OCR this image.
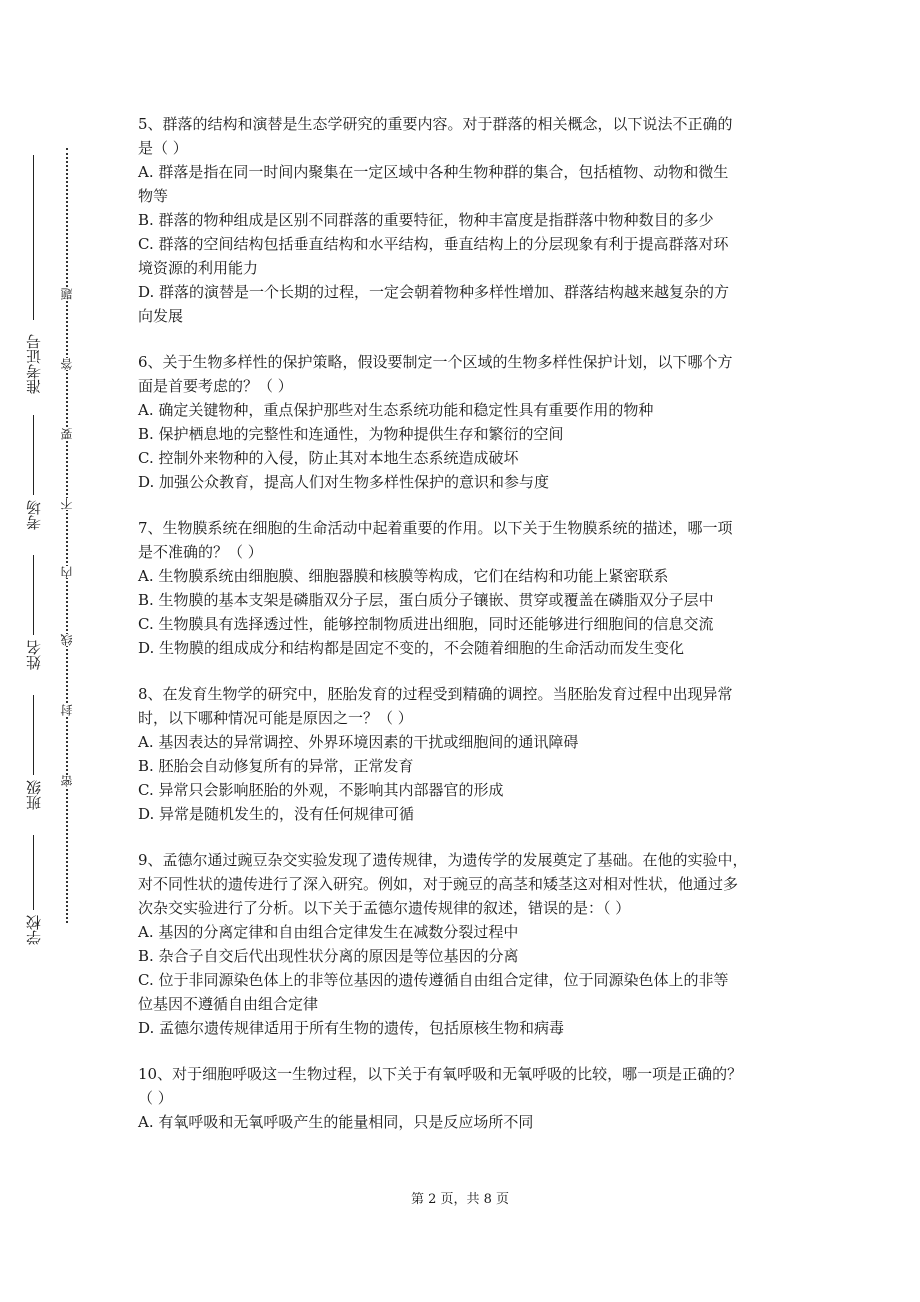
学校
班级
姓名
考场
准考证号
密
封
线
内
不
要
答
题

5、群落的结构和演替是生态学研究的重要内容。对于群落的相关概念，以下说法不正确的

是（ ）

A. 群落是指在同一时间内聚集在一定区域中各种生物种群的集合，包括植物、动物和微生

物等

B. 群落的物种组成是区别不同群落的重要特征，物种丰富度是指群落中物种数目的多少

C. 群落的空间结构包括垂直结构和水平结构，垂直结构上的分层现象有利于提高群落对环

境资源的利用能力

D. 群落的演替是一个长期的过程，一定会朝着物种多样性增加、群落结构越来越复杂的方

向发展

6、关于生物多样性的保护策略，假设要制定一个区域的生物多样性保护计划，以下哪个方

面是首要考虑的？（ ）

A. 确定关键物种，重点保护那些对生态系统功能和稳定性具有重要作用的物种

B. 保护栖息地的完整性和连通性，为物种提供生存和繁衍的空间

C. 控制外来物种的入侵，防止其对本地生态系统造成破坏

D. 加强公众教育，提高人们对生物多样性保护的意识和参与度

7、生物膜系统在细胞的生命活动中起着重要的作用。以下关于生物膜系统的描述，哪一项

是不准确的？（ ）

A. 生物膜系统由细胞膜、细胞器膜和核膜等构成，它们在结构和功能上紧密联系

B. 生物膜的基本支架是磷脂双分子层，蛋白质分子镶嵌、贯穿或覆盖在磷脂双分子层中

C. 生物膜具有选择透过性，能够控制物质进出细胞，同时还能够进行细胞间的信息交流

D. 生物膜的组成成分和结构都是固定不变的，不会随着细胞的生命活动而发生变化

8、在发育生物学的研究中，胚胎发育的过程受到精确的调控。当胚胎发育过程中出现异常

时，以下哪种情况可能是原因之一？（ ）

A. 基因表达的异常调控、外界环境因素的干扰或细胞间的通讯障碍

B. 胚胎会自动修复所有的异常，正常发育

C. 异常只会影响胚胎的外观，不影响其内部器官的形成

D. 异常是随机发生的，没有任何规律可循

9、孟德尔通过豌豆杂交实验发现了遗传规律，为遗传学的发展奠定了基础。在他的实验中，

对不同性状的遗传进行了深入研究。例如，对于豌豆的高茎和矮茎这对相对性状，他通过多

次杂交实验进行了分析。以下关于孟德尔遗传规律的叙述，错误的是：（ ）

A. 基因的分离定律和自由组合定律发生在减数分裂过程中

B. 杂合子自交后代出现性状分离的原因是等位基因的分离

C. 位于非同源染色体上的非等位基因的遗传遵循自由组合定律，位于同源染色体上的非等

位基因不遵循自由组合定律

D. 孟德尔遗传规律适用于所有生物的遗传，包括原核生物和病毒

10、对于细胞呼吸这一生物过程，以下关于有氧呼吸和无氧呼吸的比较，哪一项是正确的？

（ ）

A. 有氧呼吸和无氧呼吸产生的能量相同，只是反应场所不同

第 2 页，共 8 页
